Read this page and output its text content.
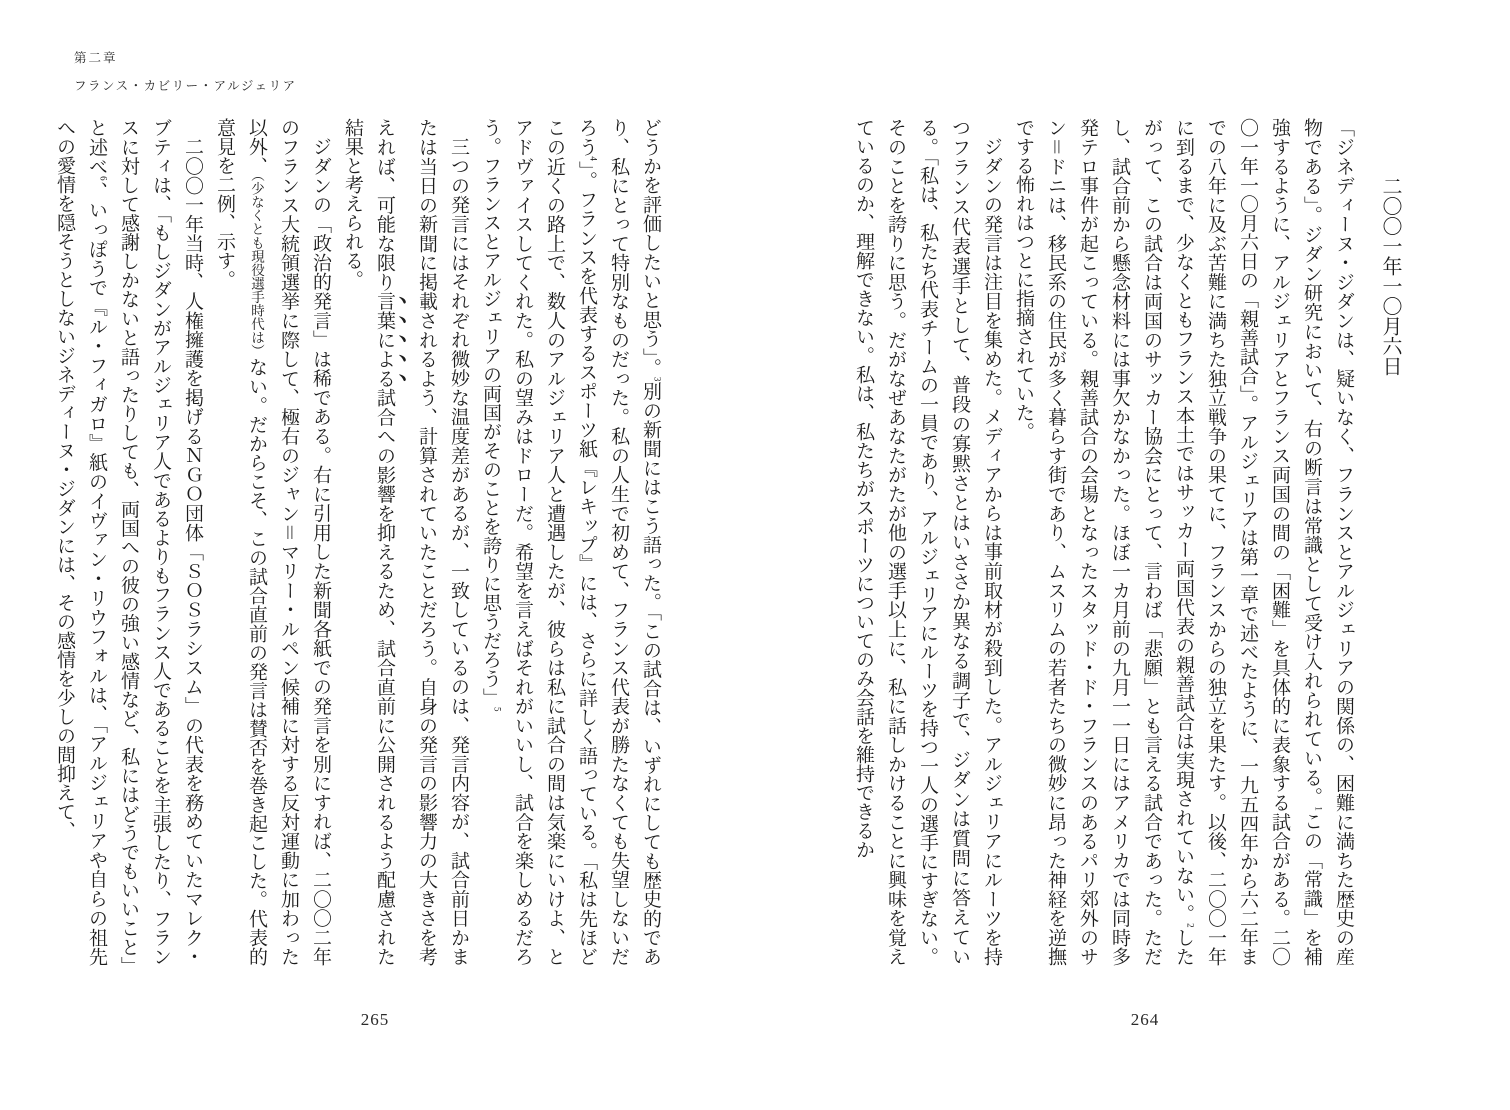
第二章
フランス・カビリー・アルジェリア

どうかを評価したいと思う」。$^3$別の新聞にはこう語った。「この試合は、いずれにしても歴史的であり、私にとって特別なものだった。私の人生で初めて、フランス代表が勝たなくても失望しないだろう$^4$」。フランスを代表するスポーツ紙『レキップ』には、さらに詳しく語っている。「私は先ほどこの近くの路上で、数人のアルジェリア人と遭遇したが、彼らは私に試合の間は気楽にいけよ、とアドヴァイスしてくれた。私の望みはドローだ。希望を言えばそれがいいし、試合を楽しめるだろう。フランスとアルジェリアの両国がそのことを誇りに思うだろう」$^5$

三つの発言にはそれぞれ微妙な温度差があるが、一致しているのは、発言内容が、試合前日かまたは当日の新聞に掲載されるよう、計算されていたことだろう。自身の発言の影響力の大きさを考えれば、可能な限り言葉による試合への影響を抑えるため、試合直前に公開されるよう配慮された結果と考えられる。

ジダンの「政治的発言」は稀である。右に引用した新聞各紙での発言を別にすれば、二〇〇二年のフランス大統領選挙に際して、極右のジャン＝マリー・ルペン候補に対する反対運動に加わった以外、（少なくとも現役選手時代は）ない。だからこそ、この試合直前の発言は賛否を巻き起こした。代表的意見を二例、示す。

二〇〇一年当時、人権擁護を掲げるＮＧＯ団体「ＳＯＳラシスム」の代表を務めていたマレク・ブティは、「もしジダンがアルジェリア人であるよりもフランス人であることを主張したり、フランスに対して感謝しかないと語ったりしても、両国への彼の強い感情など、私にはどうでもいいこと」と述べ$^6$、いっぽうで『ル・フィガロ』紙のイヴァン・リウフォルは、「アルジェリアや自らの祖先への愛情を隠そうとしないジネディーヌ・ジダンには、その感情を少しの間抑えて、	二〇〇一年一〇月六日

「ジネディーヌ・ジダンは、疑いなく、フランスとアルジェリアの関係の、困難に満ちた歴史の産物である」。ジダン研究において、右の断言は常識として受け入れられている。$^1$この「常識」を補強するように、アルジェリアとフランス両国の間の「困難」を具体的に表象する試合がある。二〇〇一年一〇月六日の「親善試合」。アルジェリアは第一章で述べたように、一九五四年から六二年までの八年に及ぶ苦難に満ちた独立戦争の果てに、フランスからの独立を果たす。以後、二〇〇一年に到るまで、少なくともフランス本土ではサッカー両国代表の親善試合は実現されていない。$^2$したがって、この試合は両国のサッカー協会にとって、言わば「悲願」とも言える試合であった。ただし、試合前から懸念材料には事欠かなかった。ほぼ一カ月前の九月一一日にはアメリカでは同時多発テロ事件が起こっている。親善試合の会場となったスタッド・ド・フランスのあるパリ郊外のサン＝ドニは、移民系の住民が多く暮らす街であり、ムスリムの若者たちの微妙に昂った神経を逆撫でする怖れはつとに指摘されていた。

ジダンの発言は注目を集めた。メディアからは事前取材が殺到した。アルジェリアにルーツを持つフランス代表選手として、普段の寡黙さとはいささか異なる調子で、ジダンは質問に答えている。「私は、私たち代表チームの一員であり、アルジェリアにルーツを持つ一人の選手にすぎない。そのことを誇りに思う。だがなぜあなたがたが他の選手以上に、私に話しかけることに興味を覚えているのか、理解できない。私は、私たちがスポーツについてのみ会話を維持できるか

265	264
